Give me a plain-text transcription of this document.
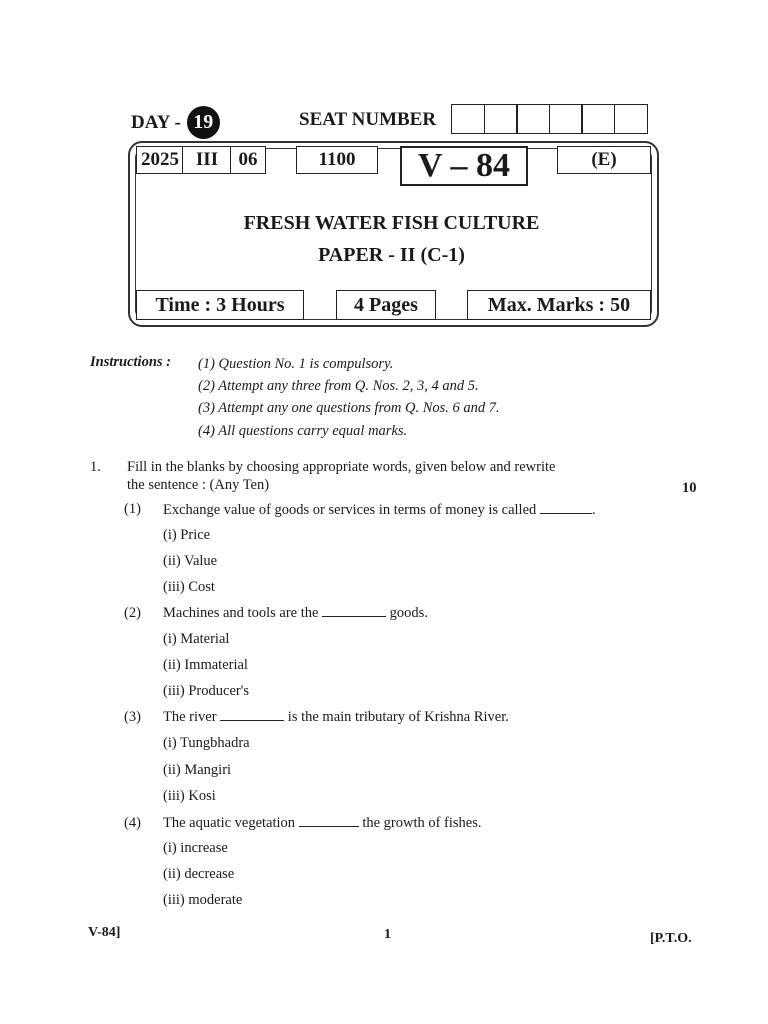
DAY - 19	SEAT NUMBER
2025 III	06	1100	V – 84	(E)
FRESH WATER FISH CULTURE
PAPER - II (C-1)
Time : 3 Hours	4 Pages	Max. Marks : 50
Instructions : (1) Question No. 1 is compulsory.
(2) Attempt any three from Q. Nos. 2, 3, 4 and 5.
(3) Attempt any one questions from Q. Nos. 6 and 7.
(4) All questions carry equal marks.
1. Fill in the blanks by choosing appropriate words, given below and rewrite
the sentence : (Any Ten)	10
(1) Exchange value of goods or services in terms of money is called	.
(i) Price
(ii) Value
(iii) Cost
(2) Machines and tools are the	goods.
(i) Material
(ii) Immaterial
(iii) Producer's
(3) The river	is the main tributary of Krishna River.
(i) Tungbhadra
(ii) Mangiri
(iii) Kosi
(4) The aquatic vegetation	the growth of fishes.
(i) increase
(ii) decrease
(iii) moderate
V-84]	1	[P.T.O.
